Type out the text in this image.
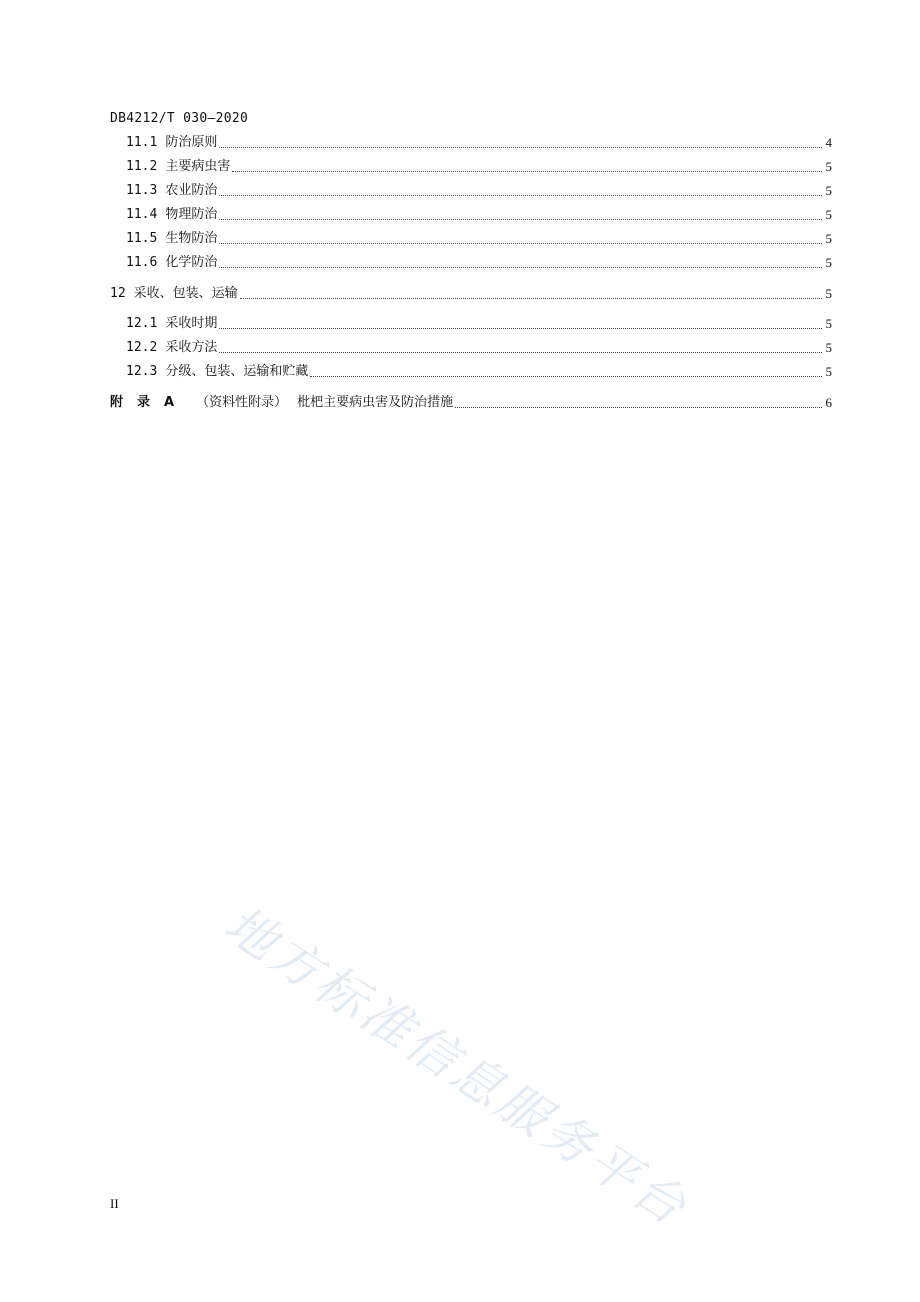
DB4212/T 030—2020
11.1 防治原则	4
11.2 主要病虫害	5
11.3 农业防治	5
11.4 物理防治	5
11.5 生物防治	5
11.6 化学防治	5
12 采收、包装、运输	5
12.1 采收时期	5
12.2 采收方法	5
12.3 分级、包装、运输和贮藏	5
附 录 A （资料性附录） 枇杷主要病虫害及防治措施	6
地方标准信息服务平台
II
